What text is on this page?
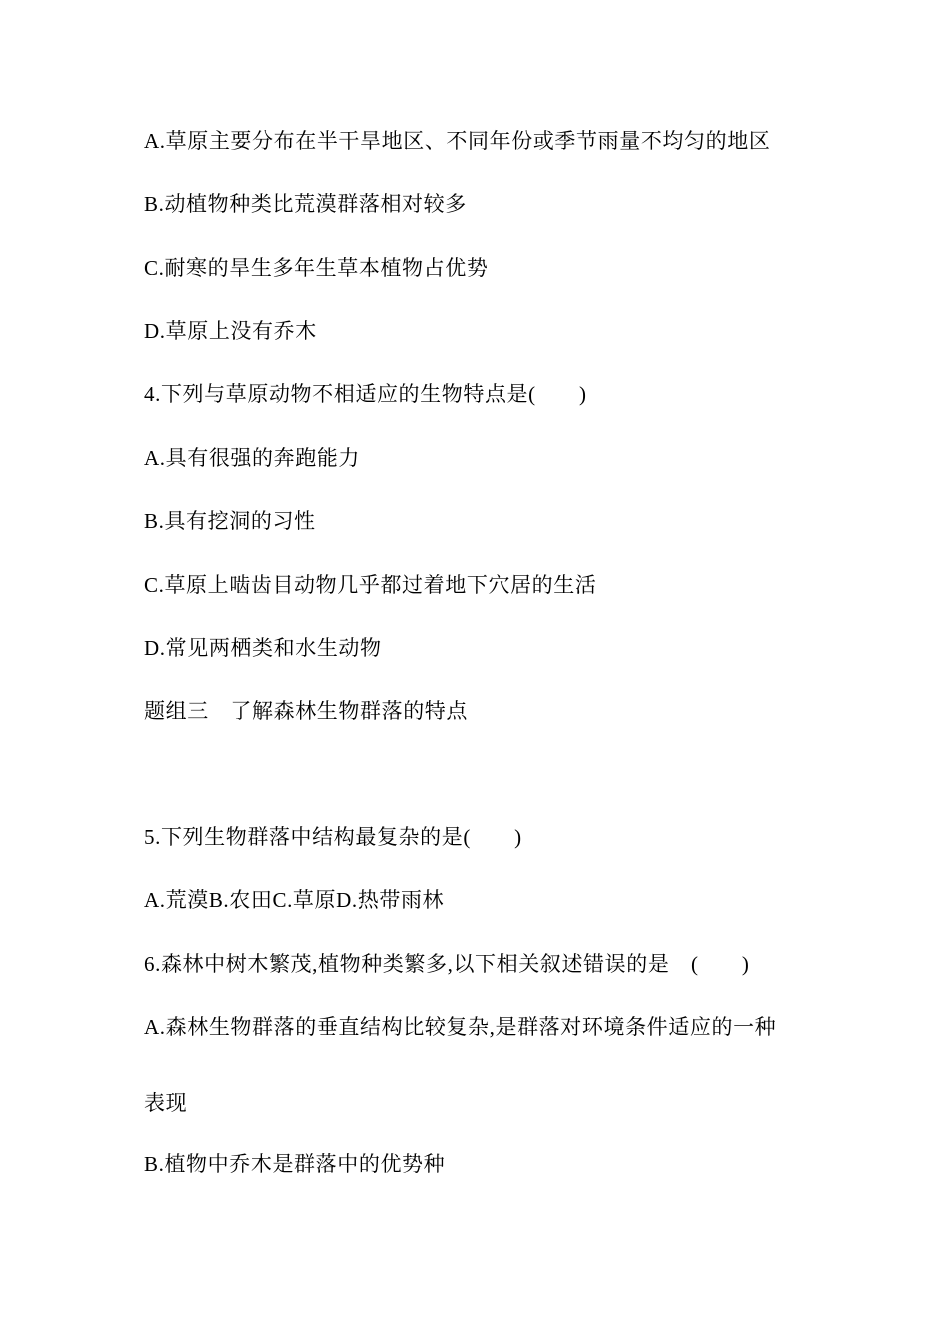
A.草原主要分布在半干旱地区、不同年份或季节雨量不均匀的地区
B.动植物种类比荒漠群落相对较多
C.耐寒的旱生多年生草本植物占优势
D.草原上没有乔木
4.下列与草原动物不相适应的生物特点是(　　)
A.具有很强的奔跑能力
B.具有挖洞的习性
C.草原上啮齿目动物几乎都过着地下穴居的生活
D.常见两栖类和水生动物
题组三　了解森林生物群落的特点
5.下列生物群落中结构最复杂的是(　　)
A.荒漠B.农田C.草原D.热带雨林
6.森林中树木繁茂,植物种类繁多,以下相关叙述错误的是　(　　)
A.森林生物群落的垂直结构比较复杂,是群落对环境条件适应的一种
表现
B.植物中乔木是群落中的优势种
